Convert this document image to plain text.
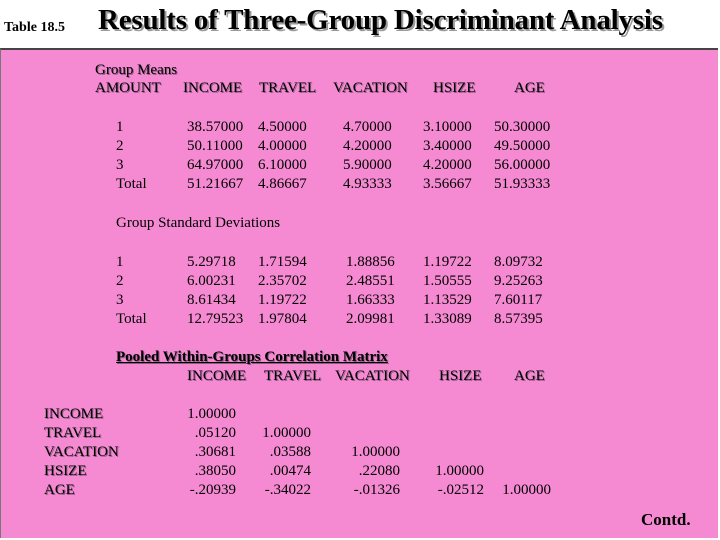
Table 18.5 Results of Three-Group Discriminant Analysis
Group Means
AMOUNT INCOME TRAVEL VACATION HSIZE	AGE
1
2
3
Total
38.57000
50.11000
64.97000
51.21667
4.50000
4.00000
6.10000
4.86667
4.70000
4.20000
5.90000
4.93333
3.10000
3.40000
4.20000
3.56667
50.30000
49.50000
56.00000
51.93333
Group Standard Deviations
1
2
3
Total
5.29718
6.00231
8.61434
12.79523
1.71594
2.35702
1.19722
1.97804
1.88856
2.48551
1.66333
2.09981
1.19722
1.50555
1.13529
1.33089
8.09732
9.25263
7.60117
8.57395
Pooled Within-Groups Correlation Matrix
INCOME TRAVEL VACATION HSIZE AGE
INCOME
TRAVEL
VACATION
HSIZE
AGE
1.00000
.05120
.30681
.38050
-.20939
1.00000
.03588
.00474
-.34022
1.00000
.22080
-.01326
1.00000
-.02512	1.00000
Contd.
